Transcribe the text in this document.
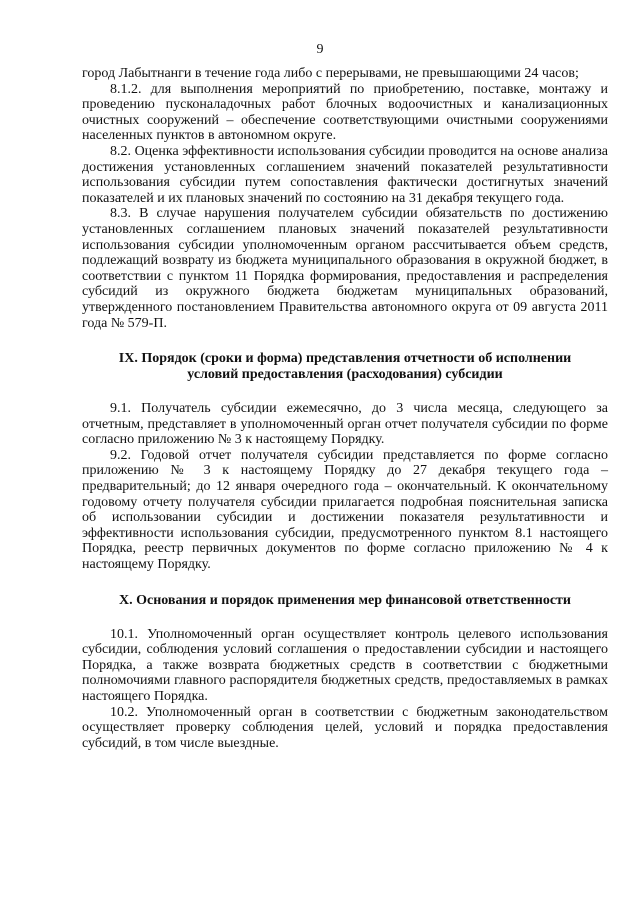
9

город Лабытнанги в течение года либо с перерывами, не превышающими 24 часов;

8.1.2. для выполнения мероприятий по приобретению, поставке, монтажу и проведению пусконаладочных работ блочных водоочистных и канализационных очистных сооружений – обеспечение соответствующими очистными сооружениями населенных пунктов в автономном округе.

8.2. Оценка эффективности использования субсидии проводится на основе анализа достижения установленных соглашением значений показателей результативности использования субсидии путем сопоставления фактически достигнутых значений показателей и их плановых значений по состоянию на 31 декабря текущего года.

8.3. В случае нарушения получателем субсидии обязательств по достижению установленных соглашением плановых значений показателей результативности использования субсидии уполномоченным органом рассчитывается объем средств, подлежащий возврату из бюджета муниципального образования в окружной бюджет, в соответствии с пунктом 11 Порядка формирования, предоставления и распределения субсидий из окружного бюджета бюджетам муниципальных образований, утвержденного постановлением Правительства автономного округа от 09 августа 2011 года № 579-П.

IX. Порядок (сроки и форма) представления отчетности об исполнении

условий предоставления (расходования) субсидии

9.1. Получатель субсидии ежемесячно, до 3 числа месяца, следующего за отчетным, представляет в уполномоченный орган отчет получателя субсидии по форме согласно приложению № 3 к настоящему Порядку.

9.2. Годовой отчет получателя субсидии представляется по форме согласно приложению № 3 к настоящему Порядку до 27 декабря текущего года – предварительный; до 12 января очередного года – окончательный. К окончательному годовому отчету получателя субсидии прилагается подробная пояснительная записка об использовании субсидии и достижении показателя результативности и эффективности использования субсидии, предусмотренного пунктом 8.1 настоящего Порядка, реестр первичных документов по форме согласно приложению № 4 к настоящему Порядку.

X. Основания и порядок применения мер финансовой ответственности

10.1. Уполномоченный орган осуществляет контроль целевого использования субсидии, соблюдения условий соглашения о предоставлении субсидии и настоящего Порядка, а также возврата бюджетных средств в соответствии с бюджетными полномочиями главного распорядителя бюджетных средств, предоставляемых в рамках настоящего Порядка.

10.2. Уполномоченный орган в соответствии с бюджетным законодательством осуществляет проверку соблюдения целей, условий и порядка предоставления субсидий, в том числе выездные.
